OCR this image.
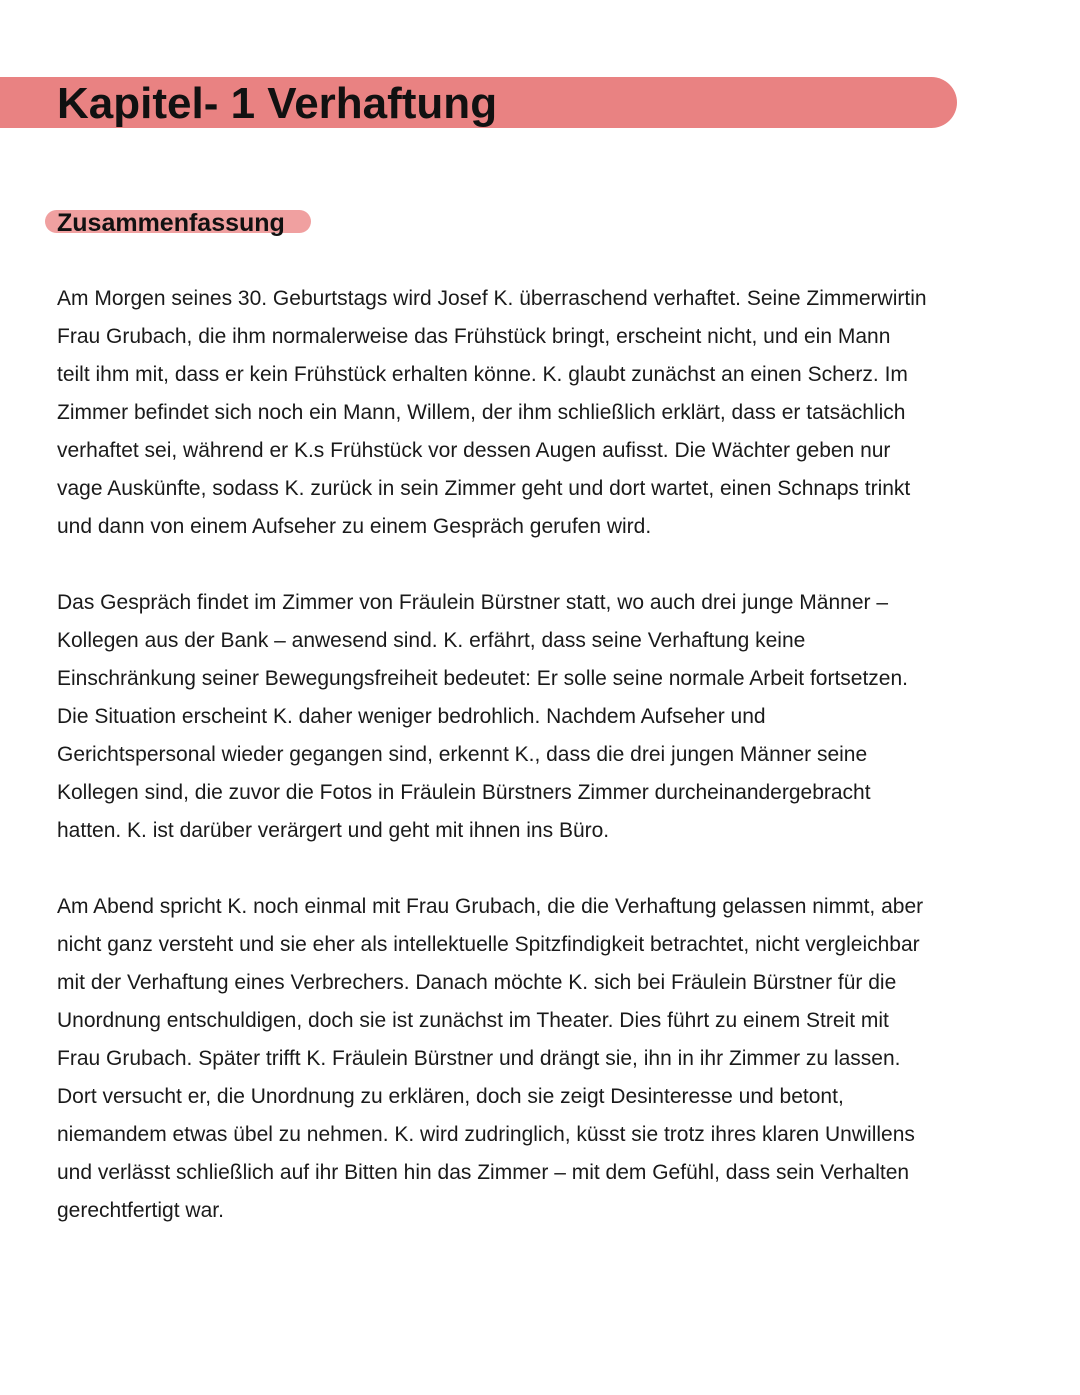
Kapitel- 1 Verhaftung
Zusammenfassung

Am Morgen seines 30. Geburtstags wird Josef K. überraschend verhaftet. Seine Zimmerwirtin
Frau Grubach, die ihm normalerweise das Frühstück bringt, erscheint nicht, und ein Mann
teilt ihm mit, dass er kein Frühstück erhalten könne. K. glaubt zunächst an einen Scherz. Im
Zimmer befindet sich noch ein Mann, Willem, der ihm schließlich erklärt, dass er tatsächlich
verhaftet sei, während er K.s Frühstück vor dessen Augen aufisst. Die Wächter geben nur
vage Auskünfte, sodass K. zurück in sein Zimmer geht und dort wartet, einen Schnaps trinkt
und dann von einem Aufseher zu einem Gespräch gerufen wird.

Das Gespräch findet im Zimmer von Fräulein Bürstner statt, wo auch drei junge Männer –
Kollegen aus der Bank – anwesend sind. K. erfährt, dass seine Verhaftung keine
Einschränkung seiner Bewegungsfreiheit bedeutet: Er solle seine normale Arbeit fortsetzen.
Die Situation erscheint K. daher weniger bedrohlich. Nachdem Aufseher und
Gerichtspersonal wieder gegangen sind, erkennt K., dass die drei jungen Männer seine
Kollegen sind, die zuvor die Fotos in Fräulein Bürstners Zimmer durcheinandergebracht
hatten. K. ist darüber verärgert und geht mit ihnen ins Büro.

Am Abend spricht K. noch einmal mit Frau Grubach, die die Verhaftung gelassen nimmt, aber
nicht ganz versteht und sie eher als intellektuelle Spitzfindigkeit betrachtet, nicht vergleichbar
mit der Verhaftung eines Verbrechers. Danach möchte K. sich bei Fräulein Bürstner für die
Unordnung entschuldigen, doch sie ist zunächst im Theater. Dies führt zu einem Streit mit
Frau Grubach. Später trifft K. Fräulein Bürstner und drängt sie, ihn in ihr Zimmer zu lassen.
Dort versucht er, die Unordnung zu erklären, doch sie zeigt Desinteresse und betont,
niemandem etwas übel zu nehmen. K. wird zudringlich, küsst sie trotz ihres klaren Unwillens
und verlässt schließlich auf ihr Bitten hin das Zimmer – mit dem Gefühl, dass sein Verhalten
gerechtfertigt war.
